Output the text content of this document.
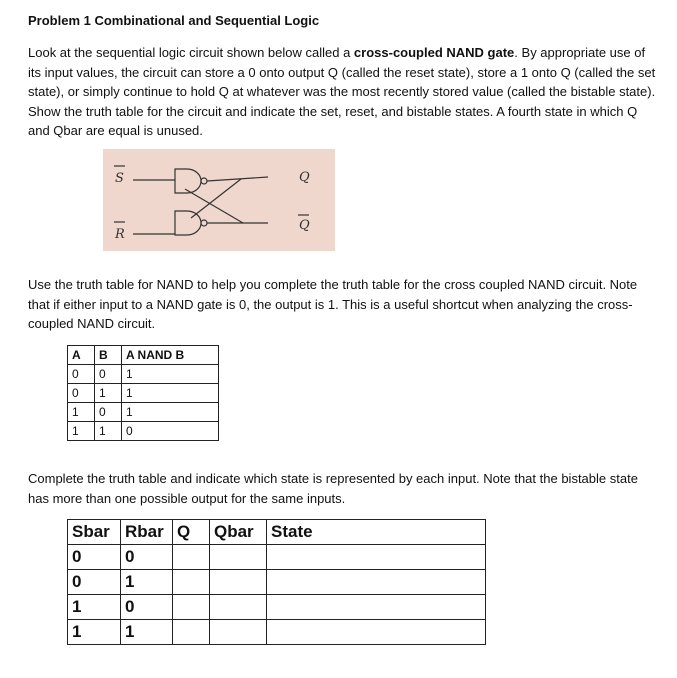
Problem 1 Combinational and Sequential Logic
Look at the sequential logic circuit shown below called a cross-coupled NAND gate. By appropriate use of its input values, the circuit can store a 0 onto output Q (called the reset state), store a 1 onto Q (called the set state), or simply continue to hold Q at whatever was the most recently stored value (called the bistable state). Show the truth table for the circuit and indicate the set, reset, and bistable states. A fourth state in which Q and Qbar are equal is unused.
S
R
Q
Q
Use the truth table for NAND to help you complete the truth table for the cross coupled NAND circuit. Note that if either input to a NAND gate is 0, the output is 1. This is a useful shortcut when analyzing the cross-coupled NAND circuit.
A	B	A NAND B
0	0	1
0	1	1
1	0	1
1	1	0
Complete the truth table and indicate which state is represented by each input. Note that the bistable state has more than one possible output for the same inputs.
Sbar	Rbar	Q	Qbar	State
0	0			
0	1			
1	0			
1	1			
